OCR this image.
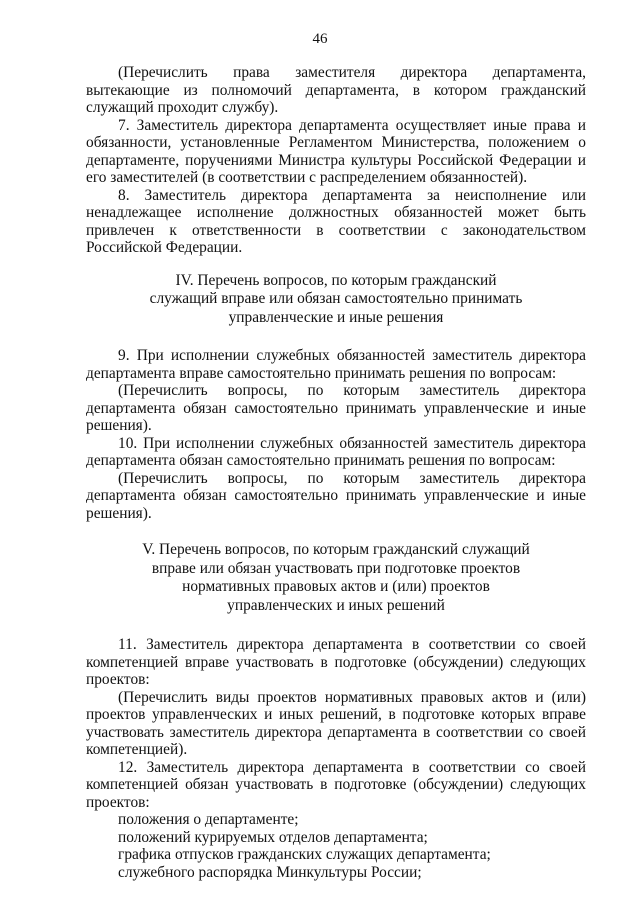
46

(Перечислить права заместителя директора департамента, вытекающие из полномочий департамента, в котором гражданский служащий проходит службу).

7. Заместитель директора департамента осуществляет иные права и обязанности, установленные Регламентом Министерства, положением о департаменте, поручениями Министра культуры Российской Федерации и его заместителей (в соответствии с распределением обязанностей).

8. Заместитель директора департамента за неисполнение или ненадлежащее исполнение должностных обязанностей может быть привлечен к ответственности в соответствии с законодательством Российской Федерации.

IV. Перечень вопросов, по которым гражданский
служащий вправе или обязан самостоятельно принимать
управленческие и иные решения

9. При исполнении служебных обязанностей заместитель директора департамента вправе самостоятельно принимать решения по вопросам:

(Перечислить вопросы, по которым заместитель директора департамента обязан самостоятельно принимать управленческие и иные решения).

10. При исполнении служебных обязанностей заместитель директора департамента обязан самостоятельно принимать решения по вопросам:

(Перечислить вопросы, по которым заместитель директора департамента обязан самостоятельно принимать управленческие и иные решения).

V. Перечень вопросов, по которым гражданский служащий
вправе или обязан участвовать при подготовке проектов
нормативных правовых актов и (или) проектов
управленческих и иных решений

11. Заместитель директора департамента в соответствии со своей компетенцией вправе участвовать в подготовке (обсуждении) следующих проектов:

(Перечислить виды проектов нормативных правовых актов и (или) проектов управленческих и иных решений, в подготовке которых вправе участвовать заместитель директора департамента в соответствии со своей компетенцией).

12. Заместитель директора департамента в соответствии со своей компетенцией обязан участвовать в подготовке (обсуждении) следующих проектов:

положения о департаменте;

положений курируемых отделов департамента;

графика отпусков гражданских служащих департамента;

служебного распорядка Минкультуры России;
